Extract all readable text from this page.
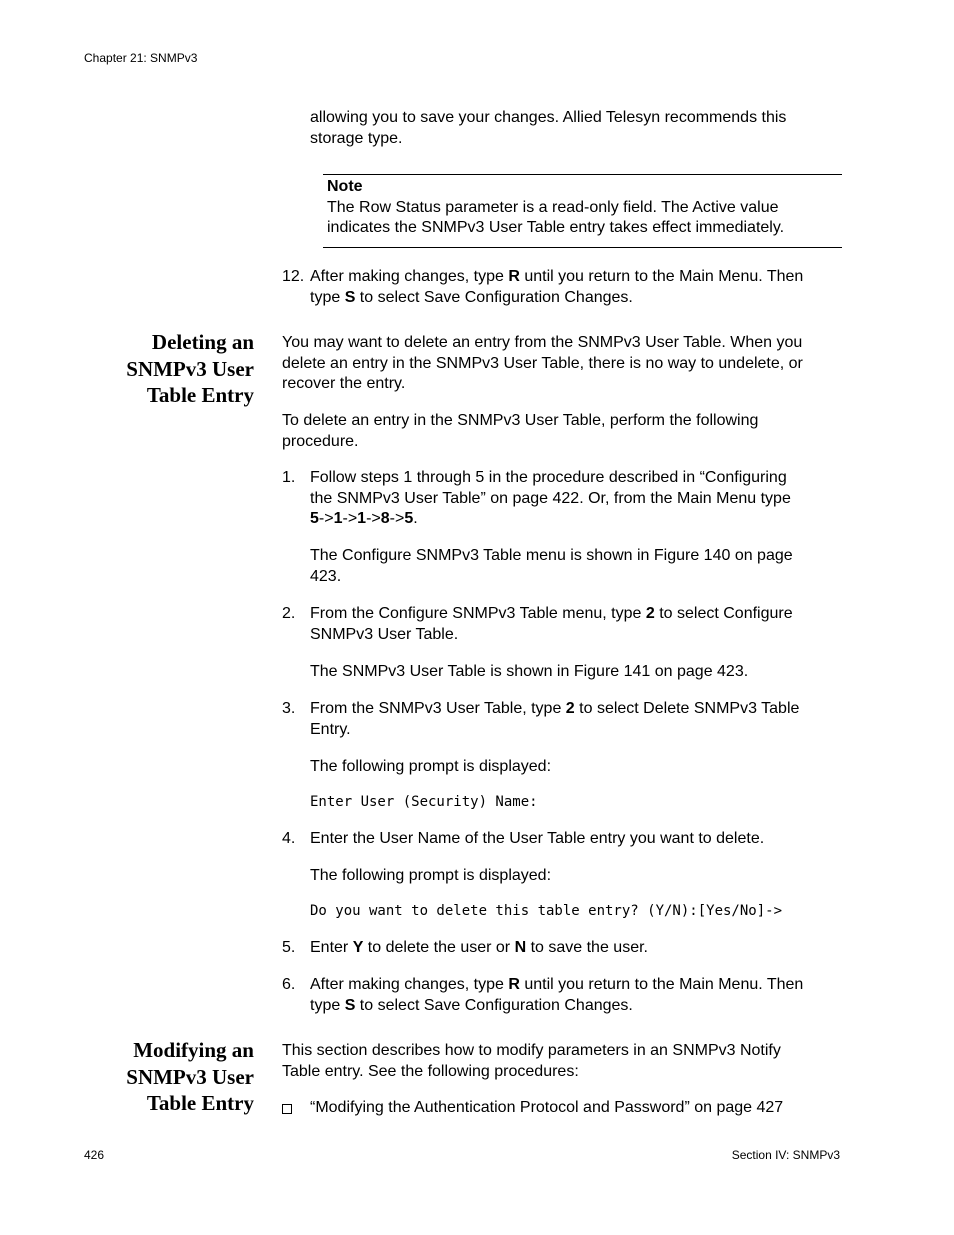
Chapter 21: SNMPv3
allowing you to save your changes. Allied Telesyn recommends this
storage type.
Note
The Row Status parameter is a read-only field. The Active value
indicates the SNMPv3 User Table entry takes effect immediately.
12. After making changes, type R until you return to the Main Menu. Then
type S to select Save Configuration Changes.
Deleting an
SNMPv3 User
Table Entry
You may want to delete an entry from the SNMPv3 User Table. When you
delete an entry in the SNMPv3 User Table, there is no way to undelete, or
recover the entry.
To delete an entry in the SNMPv3 User Table, perform the following
procedure.
1. Follow steps 1 through 5 in the procedure described in “Configuring
the SNMPv3 User Table” on page 422. Or, from the Main Menu type
5->1->1->8->5.
The Configure SNMPv3 Table menu is shown in Figure 140 on page
423.
2. From the Configure SNMPv3 Table menu, type 2 to select Configure
SNMPv3 User Table.
The SNMPv3 User Table is shown in Figure 141 on page 423.
3. From the SNMPv3 User Table, type 2 to select Delete SNMPv3 Table
Entry.
The following prompt is displayed:
Enter User (Security) Name:
4. Enter the User Name of the User Table entry you want to delete.
The following prompt is displayed:
Do you want to delete this table entry? (Y/N):[Yes/No]->
5. Enter Y to delete the user or N to save the user.
6. After making changes, type R until you return to the Main Menu. Then
type S to select Save Configuration Changes.
Modifying an
SNMPv3 User
Table Entry
This section describes how to modify parameters in an SNMPv3 Notify
Table entry. See the following procedures:
“Modifying the Authentication Protocol and Password” on page 427
426	Section IV: SNMPv3
